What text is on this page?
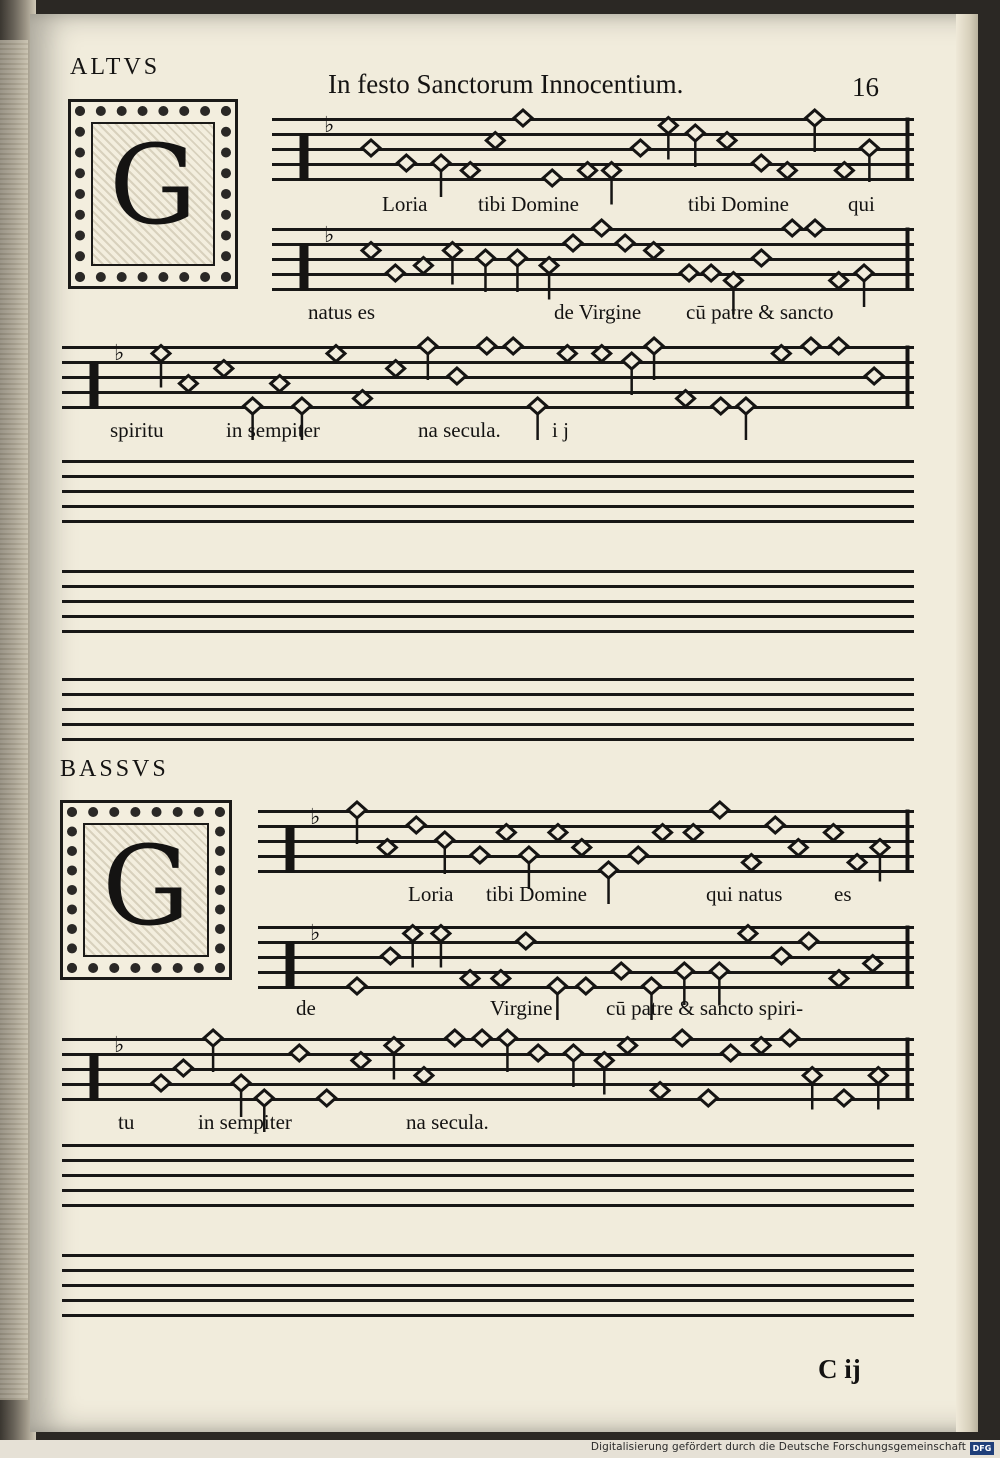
ALTVS
In festo Sanctorum Innocentium.	16
G	♭
Loria tibi Domine	tibi Domine	qui
♭
natus es	de Virgine cū patre & sancto
♭
spiritu	in sempiter	na secula. i j
BASSVS
G
♭
Loria tibi Domine	qui natus es
♭
de	Virgine	cū patre & sancto spiri-
♭
tu	in sempiter	na secula.
C ij
Digitalisierung gefördert durch die Deutsche Forschungsgemeinschaft DFG
